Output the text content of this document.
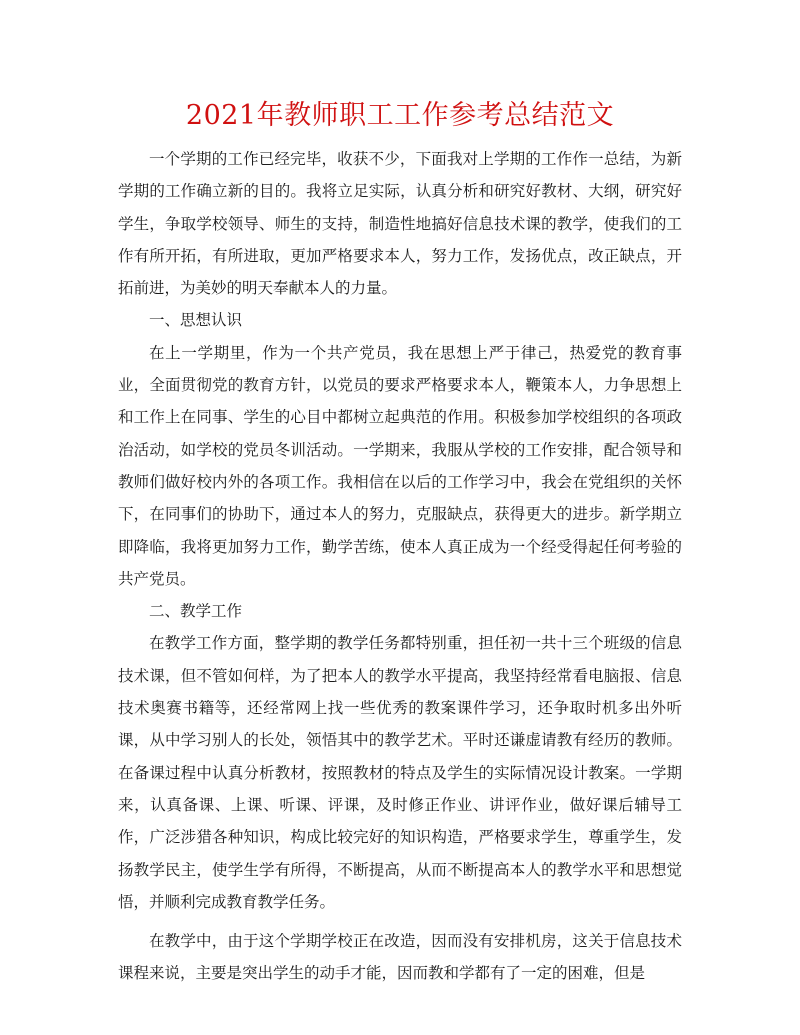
2021年教师职工工作参考总结范文

一个学期的工作已经完毕，收获不少，下面我对上学期的工作作一总结，为新学期的工作确立新的目的。我将立足实际，认真分析和研究好教材、大纲，研究好学生，争取学校领导、师生的支持，制造性地搞好信息技术课的教学，使我们的工作有所开拓，有所进取，更加严格要求本人，努力工作，发扬优点，改正缺点，开拓前进，为美妙的明天奉献本人的力量。

一、思想认识

在上一学期里，作为一个共产党员，我在思想上严于律己，热爱党的教育事业，全面贯彻党的教育方针，以党员的要求严格要求本人，鞭策本人，力争思想上和工作上在同事、学生的心目中都树立起典范的作用。积极参加学校组织的各项政治活动，如学校的党员冬训活动。一学期来，我服从学校的工作安排，配合领导和教师们做好校内外的各项工作。我相信在以后的工作学习中，我会在党组织的关怀下，在同事们的协助下，通过本人的努力，克服缺点，获得更大的进步。新学期立即降临，我将更加努力工作，勤学苦练，使本人真正成为一个经受得起任何考验的共产党员。

二、教学工作

在教学工作方面，整学期的教学任务都特别重，担任初一共十三个班级的信息技术课，但不管如何样，为了把本人的教学水平提高，我坚持经常看电脑报、信息技术奥赛书籍等，还经常网上找一些优秀的教案课件学习，还争取时机多出外听课，从中学习别人的长处，领悟其中的教学艺术。平时还谦虚请教有经历的教师。在备课过程中认真分析教材，按照教材的特点及学生的实际情况设计教案。一学期来，认真备课、上课、听课、评课，及时修正作业、讲评作业，做好课后辅导工作，广泛涉猎各种知识，构成比较完好的知识构造，严格要求学生，尊重学生，发扬教学民主，使学生学有所得，不断提高，从而不断提高本人的教学水平和思想觉悟，并顺利完成教育教学任务。

在教学中，由于这个学期学校正在改造，因而没有安排机房，这关于信息技术课程来说，主要是突出学生的动手才能，因而教和学都有了一定的困难，但是
